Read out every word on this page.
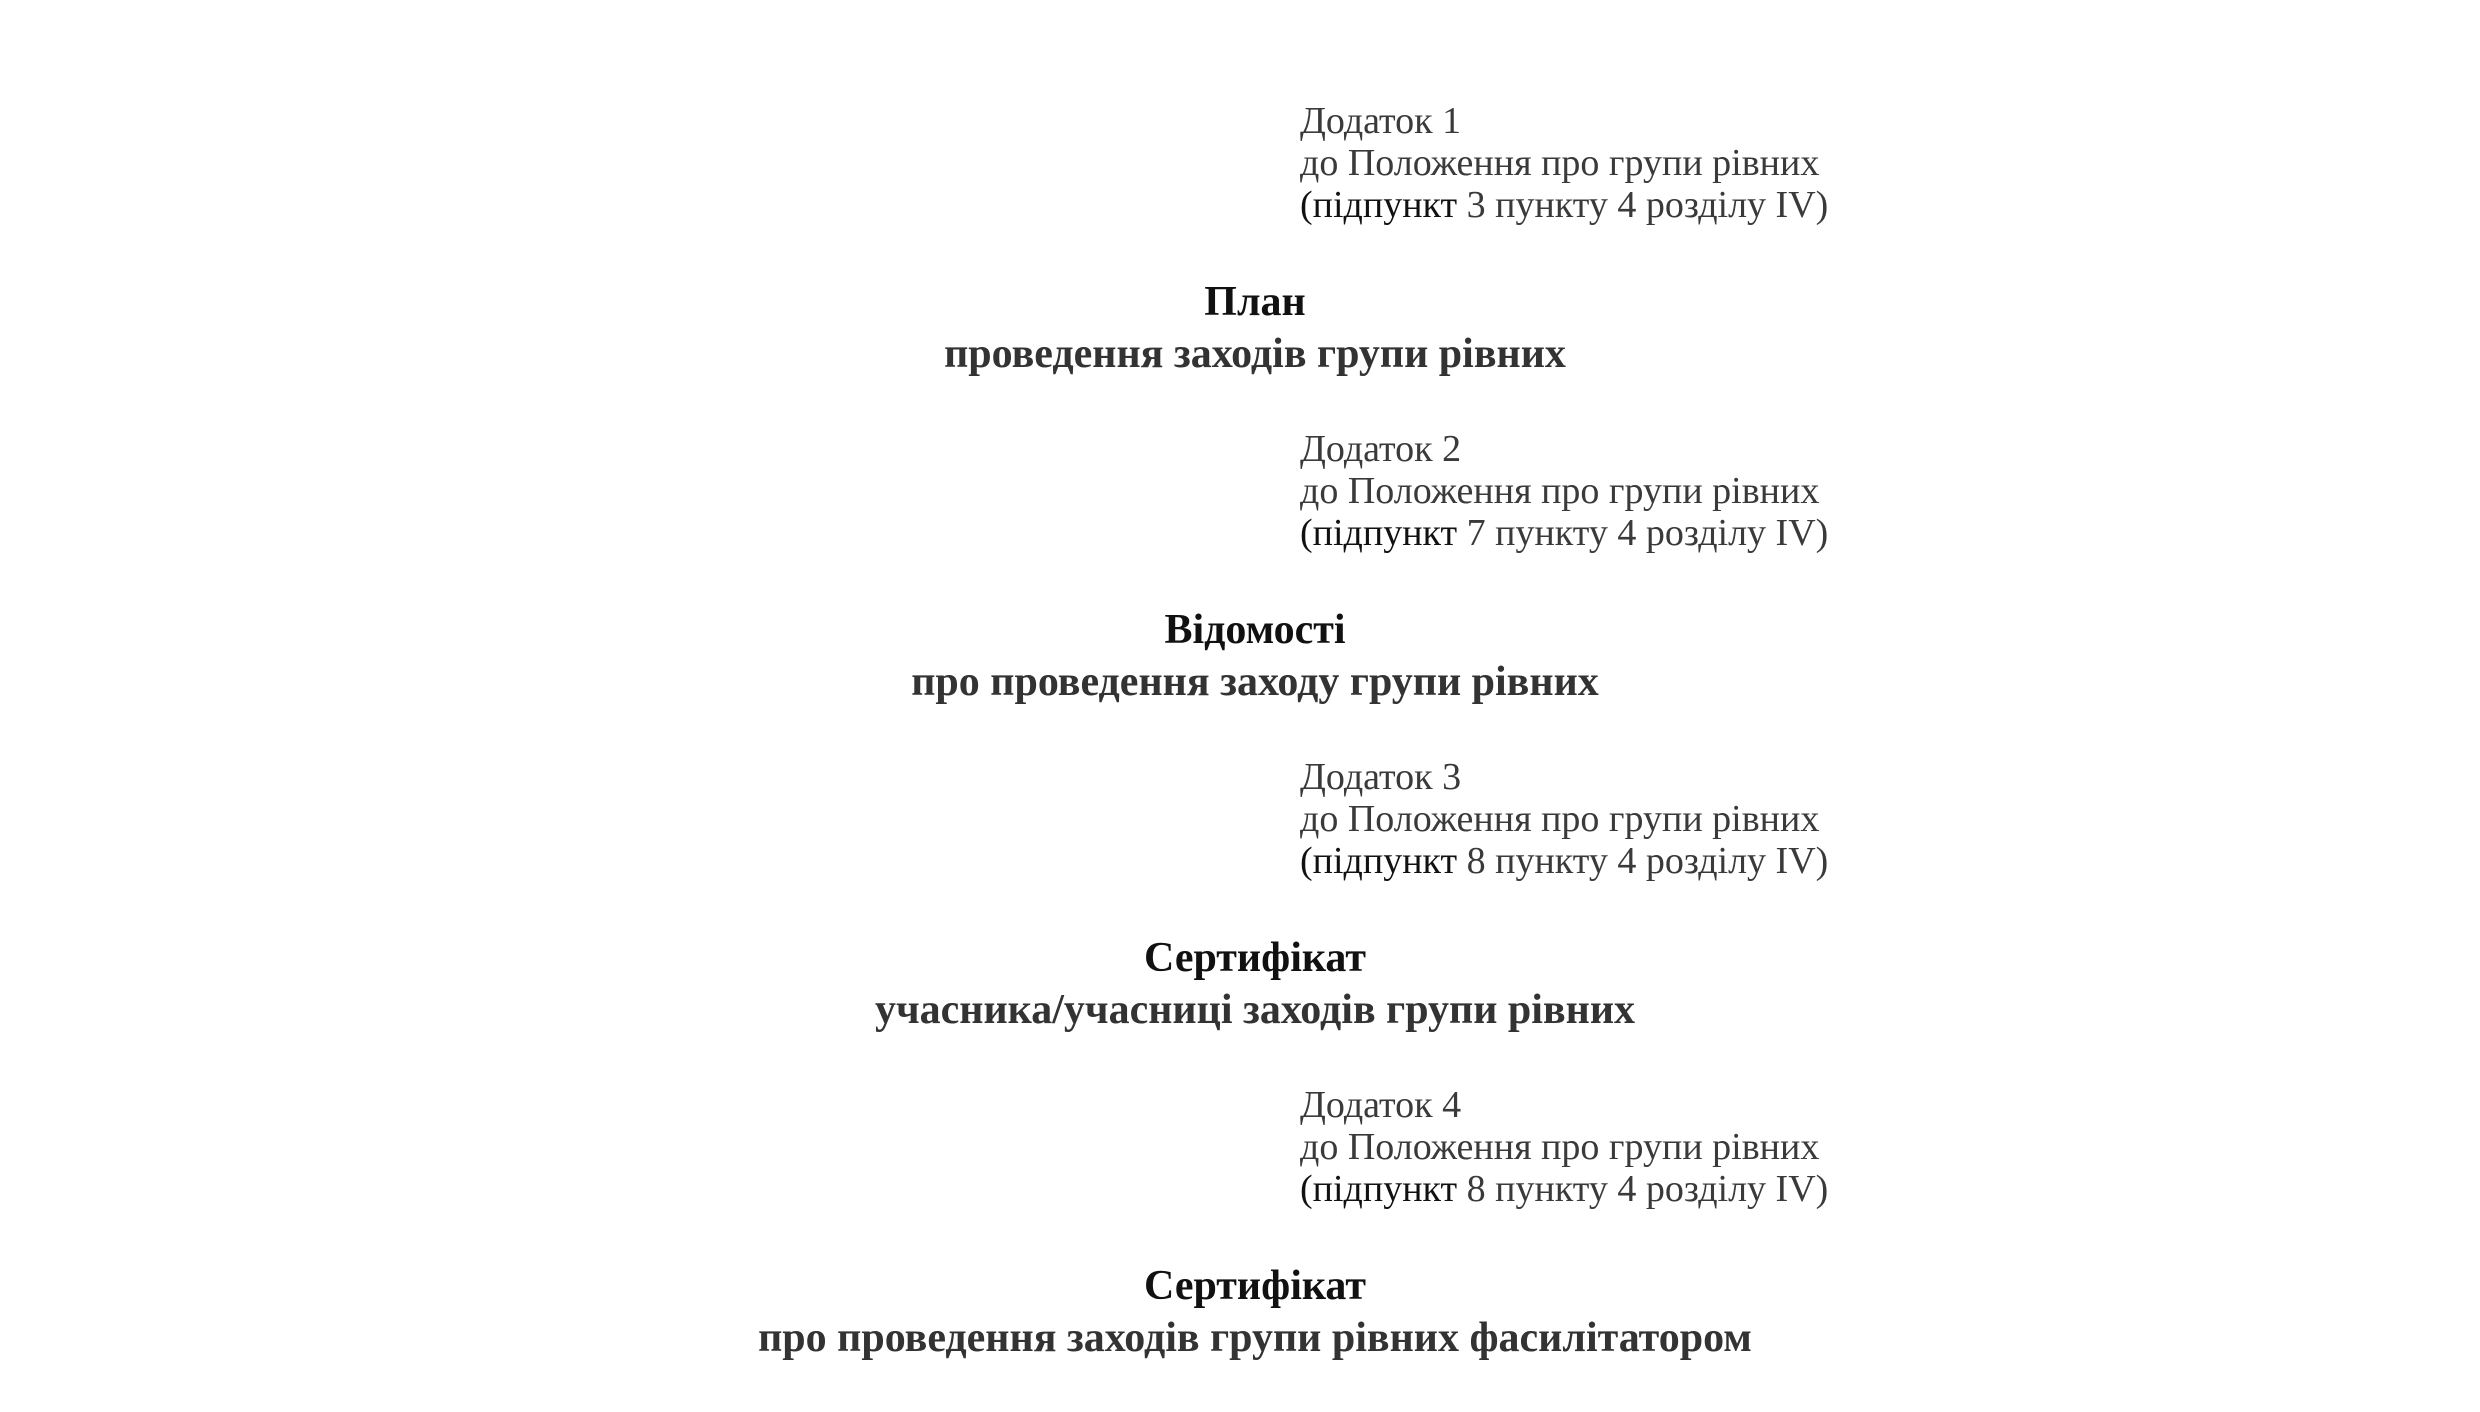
Додаток 1
до Положення про групи рівних
(підпункт 3 пункту 4 розділу IV)
План
проведення заходів групи рівних
Додаток 2
до Положення про групи рівних
(підпункт 7 пункту 4 розділу IV)
Відомості
про проведення заходу групи рівних
Додаток 3
до Положення про групи рівних
(підпункт 8 пункту 4 розділу IV)
Сертифікат
учасника/учасниці заходів групи рівних
Додаток 4
до Положення про групи рівних
(підпункт 8 пункту 4 розділу IV)
Сертифікат
про проведення заходів групи рівних фасилітатором
